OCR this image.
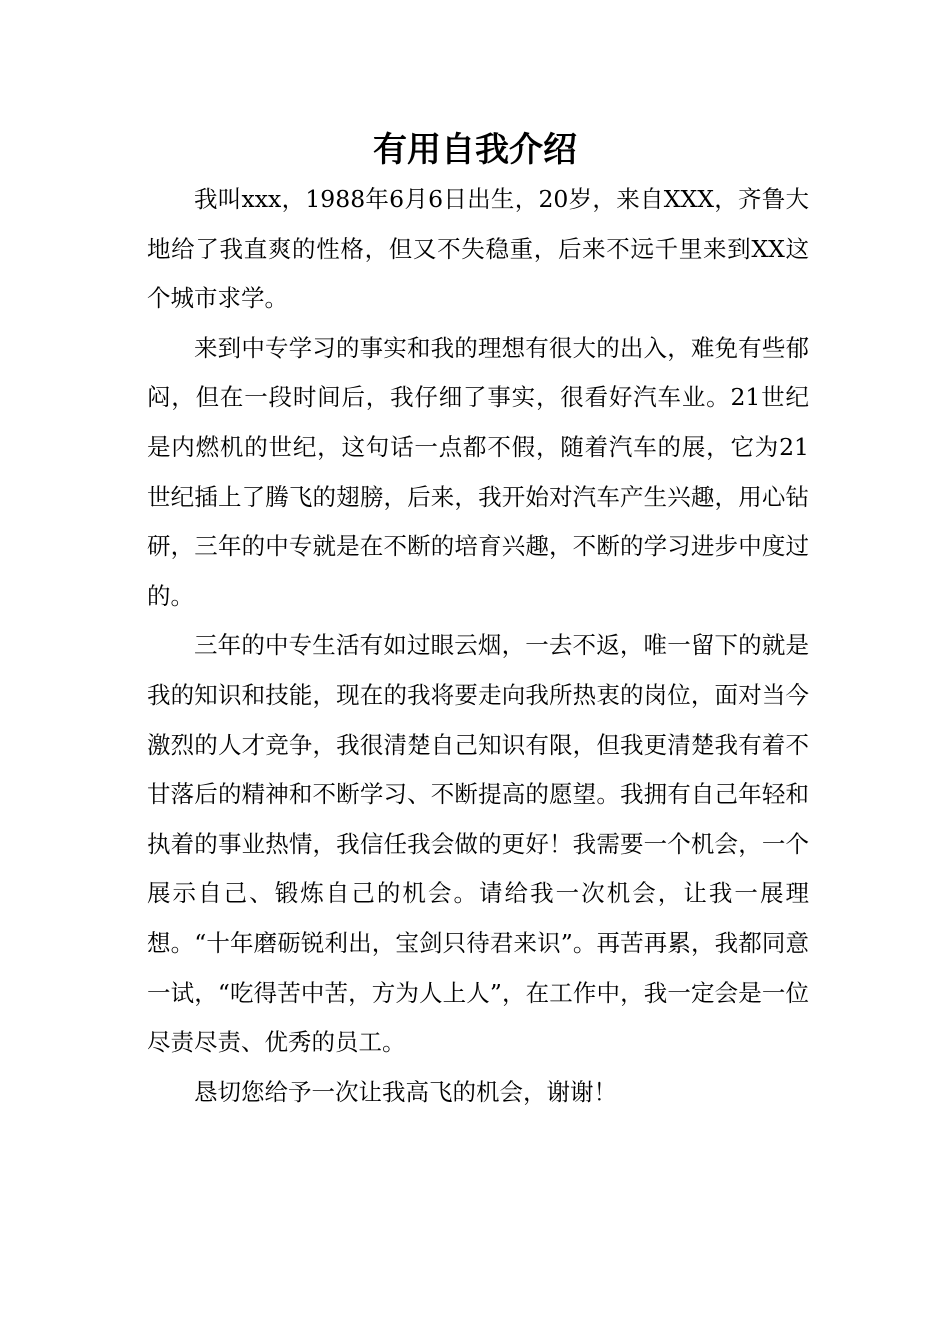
有用自我介绍

我叫xxx，1988年6月6日出生，20岁，来自XXX，齐鲁大地给了我直爽的性格，但又不失稳重，后来不远千里来到XX这个城市求学。

来到中专学习的事实和我的理想有很大的出入，难免有些郁闷，但在一段时间后，我仔细了事实，很看好汽车业。21世纪是内燃机的世纪，这句话一点都不假，随着汽车的展，它为21世纪插上了腾飞的翅膀，后来，我开始对汽车产生兴趣，用心钻研，三年的中专就是在不断的培育兴趣，不断的学习进步中度过的。

三年的中专生活有如过眼云烟，一去不返，唯一留下的就是我的知识和技能，现在的我将要走向我所热衷的岗位，面对当今激烈的人才竞争，我很清楚自己知识有限，但我更清楚我有着不甘落后的精神和不断学习、不断提高的愿望。我拥有自己年轻和执着的事业热情，我信任我会做的更好！我需要一个机会，一个展示自己、锻炼自己的机会。请给我一次机会，让我一展理想。“十年磨砺锐利出，宝剑只待君来识”。再苦再累，我都同意一试，“吃得苦中苦，方为人上人”，在工作中，我一定会是一位尽责尽责、优秀的员工。

恳切您给予一次让我高飞的机会，谢谢！
